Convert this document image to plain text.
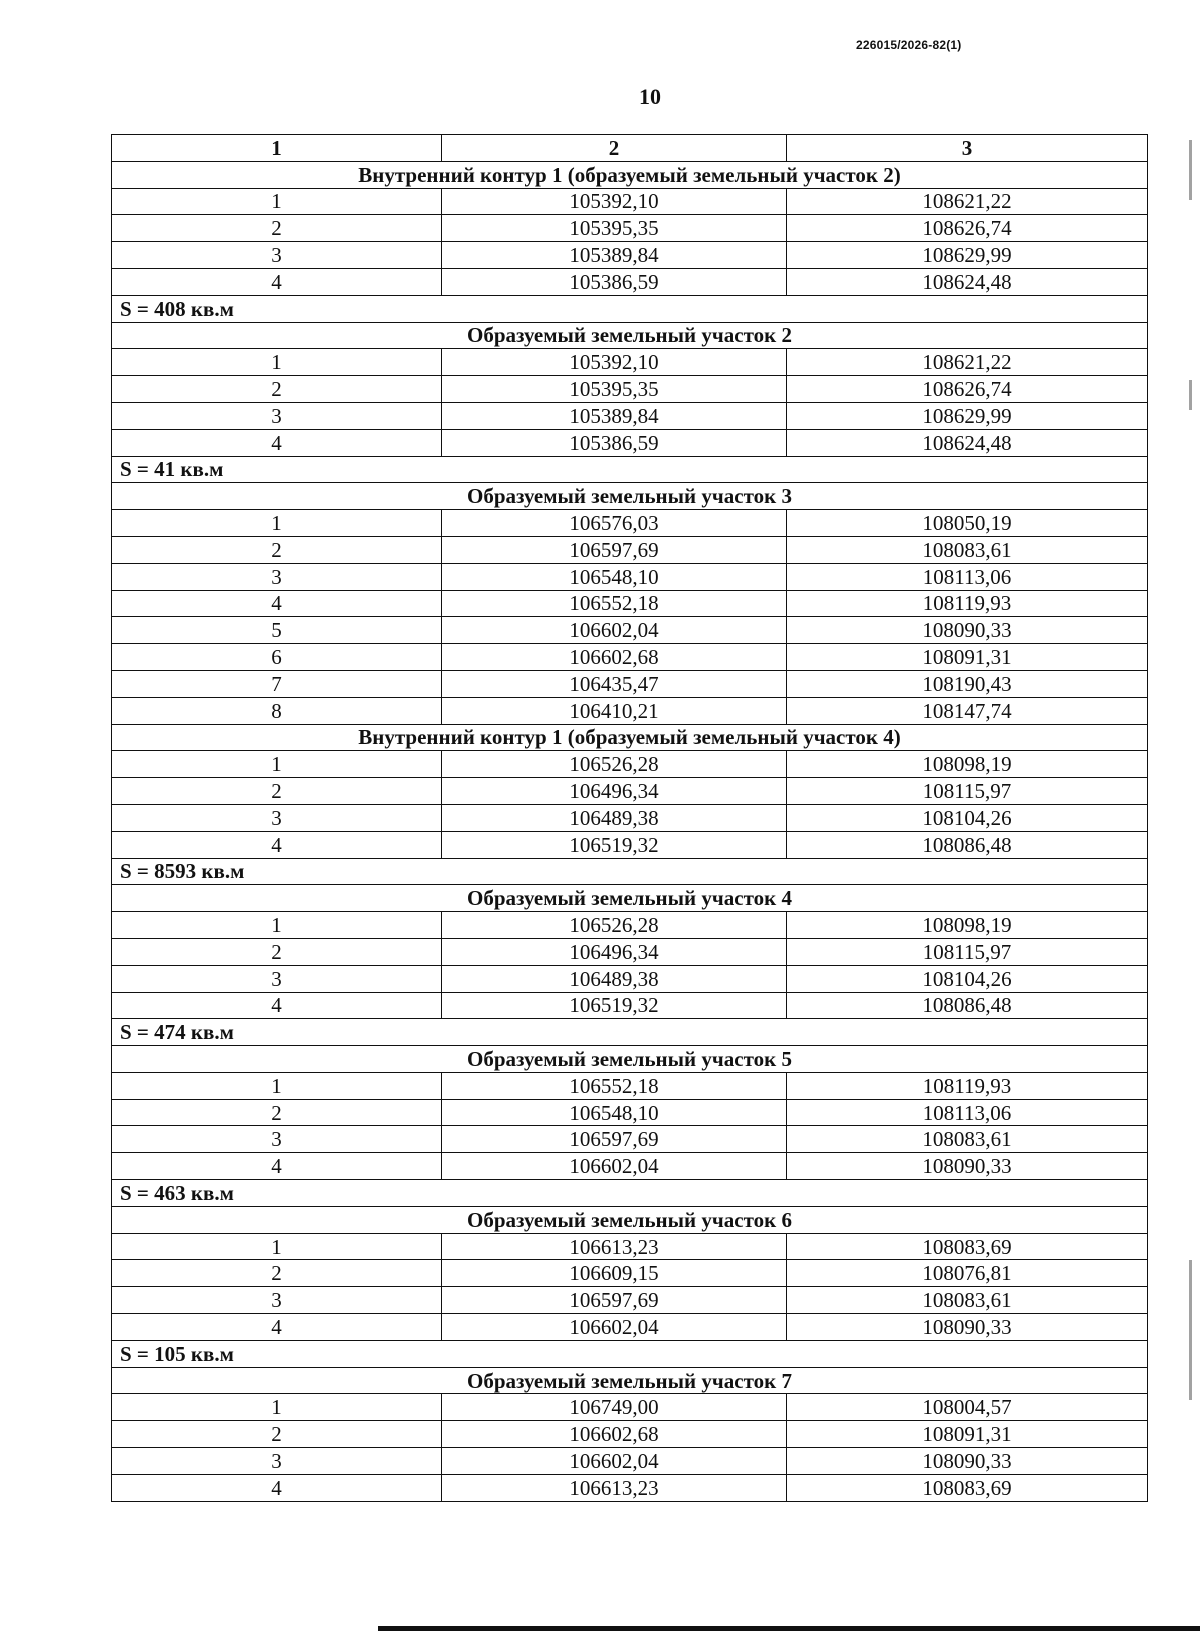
226015/2026-82(1)
10
1	2	3
Внутренний контур 1 (образуемый земельный участок 2)		
1	105392,10	108621,22
2	105395,35	108626,74
3	105389,84	108629,99
4	105386,59	108624,48
S = 408 кв.м		
Образуемый земельный участок 2		
1	105392,10	108621,22
2	105395,35	108626,74
3	105389,84	108629,99
4	105386,59	108624,48
S = 41 кв.м		
Образуемый земельный участок 3		
1	106576,03	108050,19
2	106597,69	108083,61
3	106548,10	108113,06
4	106552,18	108119,93
5	106602,04	108090,33
6	106602,68	108091,31
7	106435,47	108190,43
8	106410,21	108147,74
Внутренний контур 1 (образуемый земельный участок 4)		
1	106526,28	108098,19
2	106496,34	108115,97
3	106489,38	108104,26
4	106519,32	108086,48
S = 8593 кв.м		
Образуемый земельный участок 4		
1	106526,28	108098,19
2	106496,34	108115,97
3	106489,38	108104,26
4	106519,32	108086,48
S = 474 кв.м		
Образуемый земельный участок 5		
1	106552,18	108119,93
2	106548,10	108113,06
3	106597,69	108083,61
4	106602,04	108090,33
S = 463 кв.м		
Образуемый земельный участок 6		
1	106613,23	108083,69
2	106609,15	108076,81
3	106597,69	108083,61
4	106602,04	108090,33
S = 105 кв.м		
Образуемый земельный участок 7		
1	106749,00	108004,57
2	106602,68	108091,31
3	106602,04	108090,33
4	106613,23	108083,69
